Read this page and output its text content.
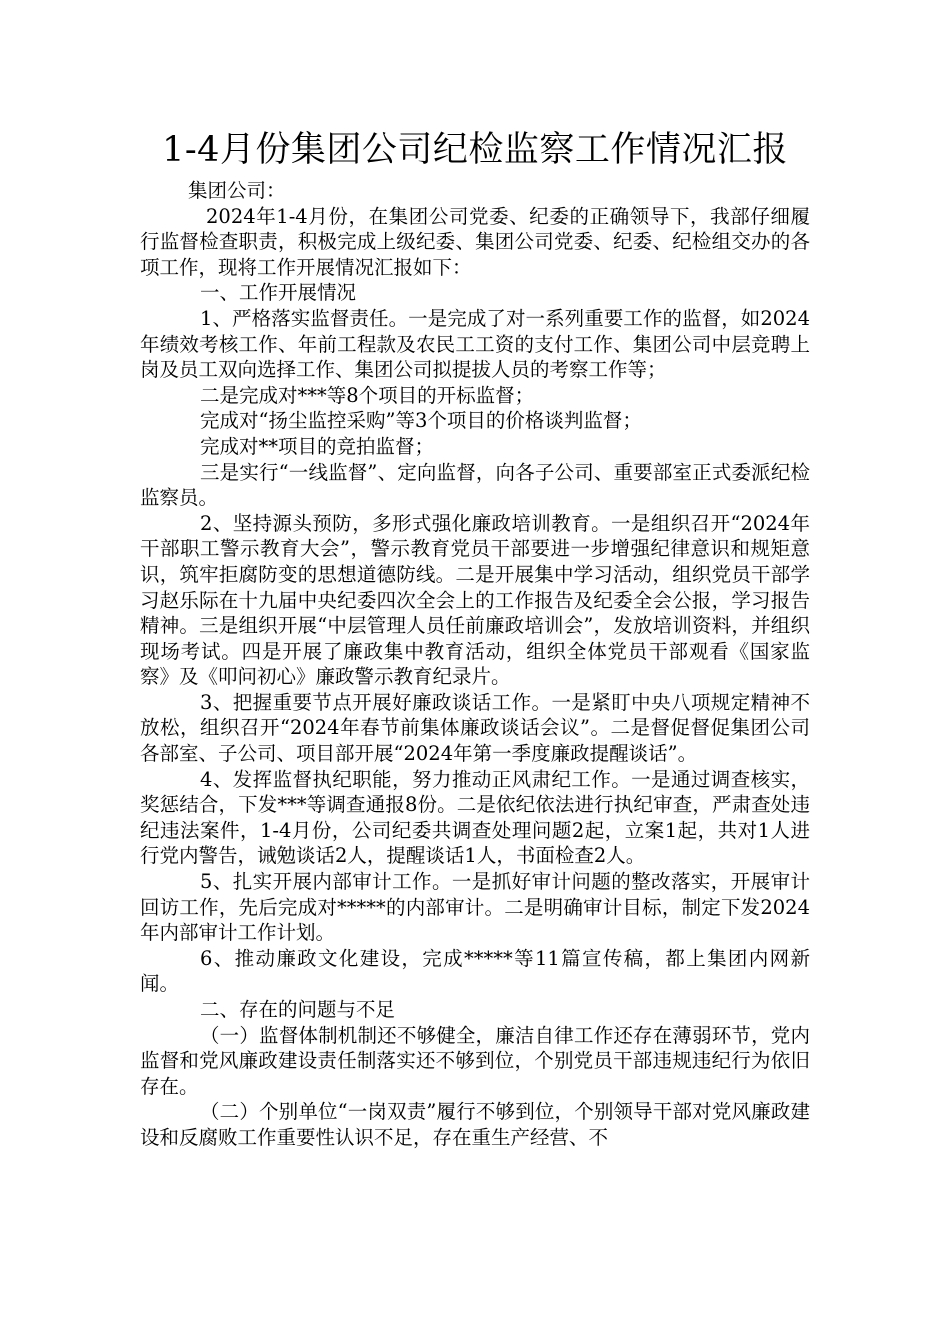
1-4月份集团公司纪检监察工作情况汇报

集团公司：

2024年1-4月份，在集团公司党委、纪委的正确领导下，我部仔细履行监督检查职责，积极完成上级纪委、集团公司党委、纪委、纪检组交办的各项工作，现将工作开展情况汇报如下：

一、工作开展情况

1、严格落实监督责任。一是完成了对一系列重要工作的监督，如2024年绩效考核工作、年前工程款及农民工工资的支付工作、集团公司中层竞聘上岗及员工双向选择工作、集团公司拟提拔人员的考察工作等；

二是完成对***等8个项目的开标监督；

完成对“扬尘监控采购”等3个项目的价格谈判监督；

完成对**项目的竞拍监督；

三是实行“一线监督”、定向监督，向各子公司、重要部室正式委派纪检监察员。

2、坚持源头预防，多形式强化廉政培训教育。一是组织召开“2024年干部职工警示教育大会”，警示教育党员干部要进一步增强纪律意识和规矩意识，筑牢拒腐防变的思想道德防线。二是开展集中学习活动，组织党员干部学习赵乐际在十九届中央纪委四次全会上的工作报告及纪委全会公报，学习报告精神。三是组织开展“中层管理人员任前廉政培训会”，发放培训资料，并组织现场考试。四是开展了廉政集中教育活动，组织全体党员干部观看《国家监察》及《叩问初心》廉政警示教育纪录片。

3、把握重要节点开展好廉政谈话工作。一是紧盯中央八项规定精神不放松，组织召开“2024年春节前集体廉政谈话会议”。二是督促督促集团公司各部室、子公司、项目部开展“2024年第一季度廉政提醒谈话”。

4、发挥监督执纪职能，努力推动正风肃纪工作。一是通过调查核实，奖惩结合，下发***等调查通报8份。二是依纪依法进行执纪审查，严肃查处违纪违法案件，1-4月份，公司纪委共调查处理问题2起，立案1起，共对1人进行党内警告，诫勉谈话2人，提醒谈话1人，书面检查2人。

5、扎实开展内部审计工作。一是抓好审计问题的整改落实，开展审计回访工作，先后完成对*****的内部审计。二是明确审计目标，制定下发2024年内部审计工作计划。

6、推动廉政文化建设，完成*****等11篇宣传稿，都上集团内网新闻。

二、存在的问题与不足

（一）监督体制机制还不够健全，廉洁自律工作还存在薄弱环节，党内监督和党风廉政建设责任制落实还不够到位，个别党员干部违规违纪行为依旧存在。

（二）个别单位“一岗双责”履行不够到位，个别领导干部对党风廉政建设和反腐败工作重要性认识不足，存在重生产经营、不
